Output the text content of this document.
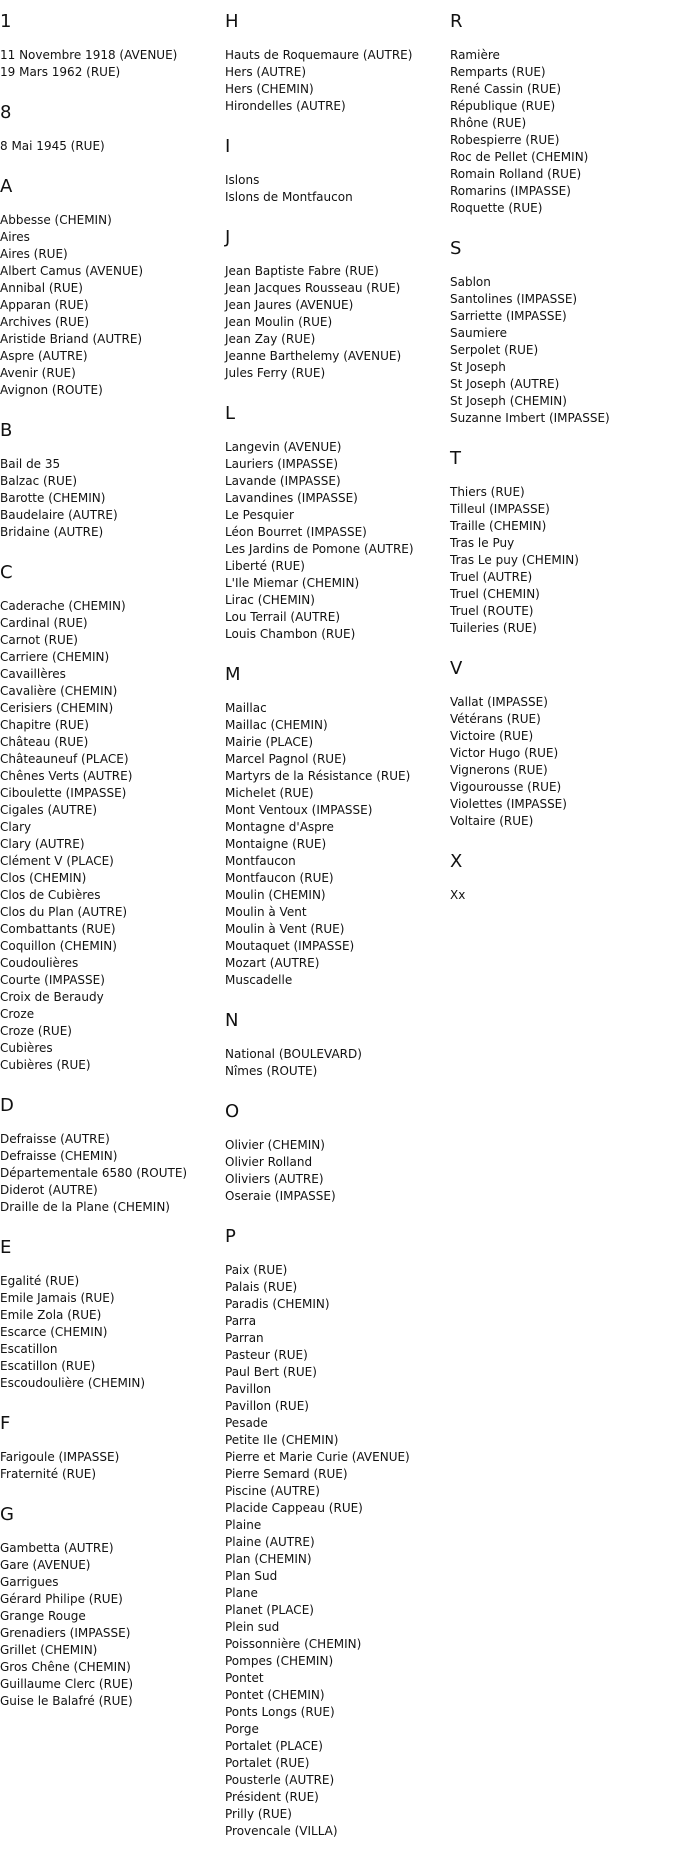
1
11 Novembre 1918 (AVENUE)
19 Mars 1962 (RUE)
8
8 Mai 1945 (RUE)
A
Abbesse (CHEMIN)
Aires
Aires (RUE)
Albert Camus (AVENUE)
Annibal (RUE)
Apparan (RUE)
Archives (RUE)
Aristide Briand (AUTRE)
Aspre (AUTRE)
Avenir (RUE)
Avignon (ROUTE)
B
Bail de 35
Balzac (RUE)
Barotte (CHEMIN)
Baudelaire (AUTRE)
Bridaine (AUTRE)
C
Caderache (CHEMIN)
Cardinal (RUE)
Carnot (RUE)
Carriere (CHEMIN)
Cavaillères
Cavalière (CHEMIN)
Cerisiers (CHEMIN)
Chapitre (RUE)
Château (RUE)
Châteauneuf (PLACE)
Chênes Verts (AUTRE)
Ciboulette (IMPASSE)
Cigales (AUTRE)
Clary
Clary (AUTRE)
Clément V (PLACE)
Clos (CHEMIN)
Clos de Cubières
Clos du Plan (AUTRE)
Combattants (RUE)
Coquillon (CHEMIN)
Coudoulières
Courte (IMPASSE)
Croix de Beraudy
Croze
Croze (RUE)
Cubières
Cubières (RUE)
D
Defraisse (AUTRE)
Defraisse (CHEMIN)
Départementale 6580 (ROUTE)
Diderot (AUTRE)
Draille de la Plane (CHEMIN)
E
Egalité (RUE)
Emile Jamais (RUE)
Emile Zola (RUE)
Escarce (CHEMIN)
Escatillon
Escatillon (RUE)
Escoudoulière (CHEMIN)
F
Farigoule (IMPASSE)
Fraternité (RUE)
G
Gambetta (AUTRE)
Gare (AVENUE)
Garrigues
Gérard Philipe (RUE)
Grange Rouge
Grenadiers (IMPASSE)
Grillet (CHEMIN)
Gros Chêne (CHEMIN)
Guillaume Clerc (RUE)
Guise le Balafré (RUE)
H
Hauts de Roquemaure (AUTRE)
Hers (AUTRE)
Hers (CHEMIN)
Hirondelles (AUTRE)
I
Islons
Islons de Montfaucon
J
Jean Baptiste Fabre (RUE)
Jean Jacques Rousseau (RUE)
Jean Jaures (AVENUE)
Jean Moulin (RUE)
Jean Zay (RUE)
Jeanne Barthelemy (AVENUE)
Jules Ferry (RUE)
L
Langevin (AVENUE)
Lauriers (IMPASSE)
Lavande (IMPASSE)
Lavandines (IMPASSE)
Le Pesquier
Léon Bourret (IMPASSE)
Les Jardins de Pomone (AUTRE)
Liberté (RUE)
L'Ile Miemar (CHEMIN)
Lirac (CHEMIN)
Lou Terrail (AUTRE)
Louis Chambon (RUE)
M
Maillac
Maillac (CHEMIN)
Mairie (PLACE)
Marcel Pagnol (RUE)
Martyrs de la Résistance (RUE)
Michelet (RUE)
Mont Ventoux (IMPASSE)
Montagne d'Aspre
Montaigne (RUE)
Montfaucon
Montfaucon (RUE)
Moulin (CHEMIN)
Moulin à Vent
Moulin à Vent (RUE)
Moutaquet (IMPASSE)
Mozart (AUTRE)
Muscadelle
N
National (BOULEVARD)
Nîmes (ROUTE)
O
Olivier (CHEMIN)
Olivier Rolland
Oliviers (AUTRE)
Oseraie (IMPASSE)
P
Paix (RUE)
Palais (RUE)
Paradis (CHEMIN)
Parra
Parran
Pasteur (RUE)
Paul Bert (RUE)
Pavillon
Pavillon (RUE)
Pesade
Petite Ile (CHEMIN)
Pierre et Marie Curie (AVENUE)
Pierre Semard (RUE)
Piscine (AUTRE)
Placide Cappeau (RUE)
Plaine
Plaine (AUTRE)
Plan (CHEMIN)
Plan Sud
Plane
Planet (PLACE)
Plein sud
Poissonnière (CHEMIN)
Pompes (CHEMIN)
Pontet
Pontet (CHEMIN)
Ponts Longs (RUE)
Porge
Portalet (PLACE)
Portalet (RUE)
Pousterle (AUTRE)
Président (RUE)
Prilly (RUE)
Provencale (VILLA)
R
Ramière
Remparts (RUE)
René Cassin (RUE)
République (RUE)
Rhône (RUE)
Robespierre (RUE)
Roc de Pellet (CHEMIN)
Romain Rolland (RUE)
Romarins (IMPASSE)
Roquette (RUE)
S
Sablon
Santolines (IMPASSE)
Sarriette (IMPASSE)
Saumiere
Serpolet (RUE)
St Joseph
St Joseph (AUTRE)
St Joseph (CHEMIN)
Suzanne Imbert (IMPASSE)
T
Thiers (RUE)
Tilleul (IMPASSE)
Traille (CHEMIN)
Tras le Puy
Tras Le puy (CHEMIN)
Truel (AUTRE)
Truel (CHEMIN)
Truel (ROUTE)
Tuileries (RUE)
V
Vallat (IMPASSE)
Vétérans (RUE)
Victoire (RUE)
Victor Hugo (RUE)
Vignerons (RUE)
Vigourousse (RUE)
Violettes (IMPASSE)
Voltaire (RUE)
X
Xx
